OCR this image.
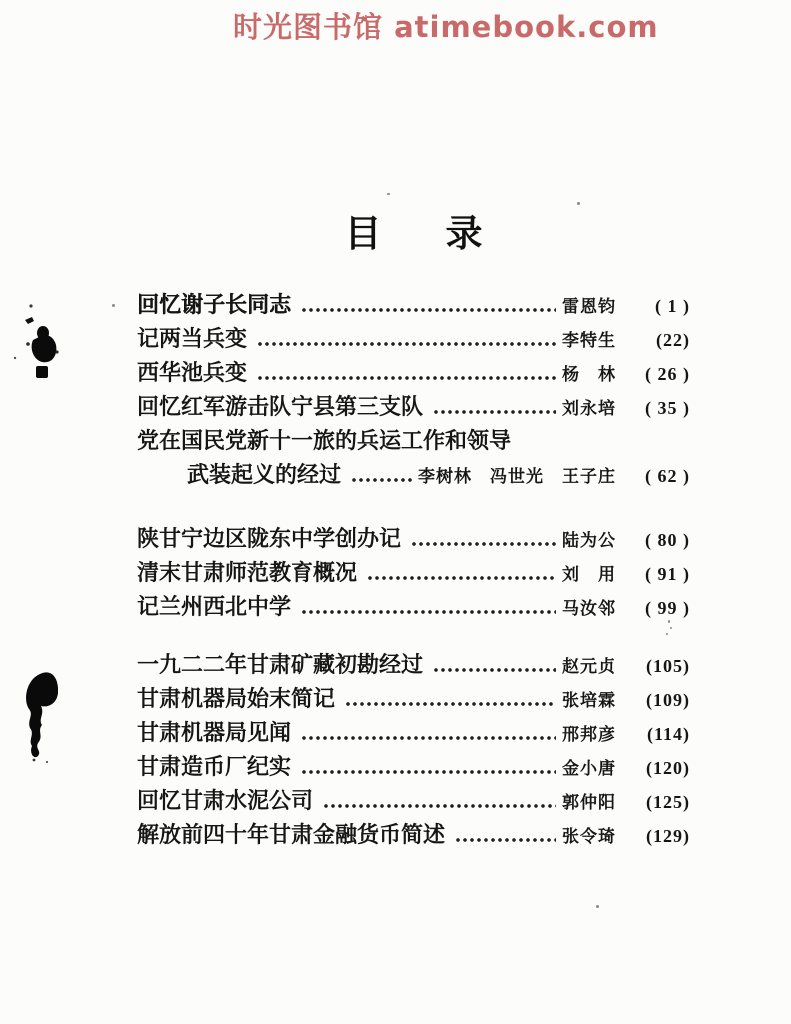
时光图书馆 atimebook.com
目 录
回忆谢子长同志	雷恩钧	( 1 )
记两当兵变	李特生	(22)
西华池兵变	杨　林	( 26 )
回忆红军游击队宁县第三支队	刘永培	( 35 )
党在国民党新十一旅的兵运工作和领导
武装起义的经过	李树林　冯世光　王子庄	( 62 )
陕甘宁边区陇东中学创办记	陆为公	( 80 )
清末甘肃师范教育概况	刘　用	( 91 )
记兰州西北中学	马汝邻	( 99 )
一九二二年甘肃矿藏初勘经过	赵元贞	(105)
甘肃机器局始末简记	张培霖	(109)
甘肃机器局见闻	邢邦彦	(114)
甘肃造币厂纪实	金小唐	(120)
回忆甘肃水泥公司	郭仲阳	(125)
解放前四十年甘肃金融货币简述	张令琦	(129)
